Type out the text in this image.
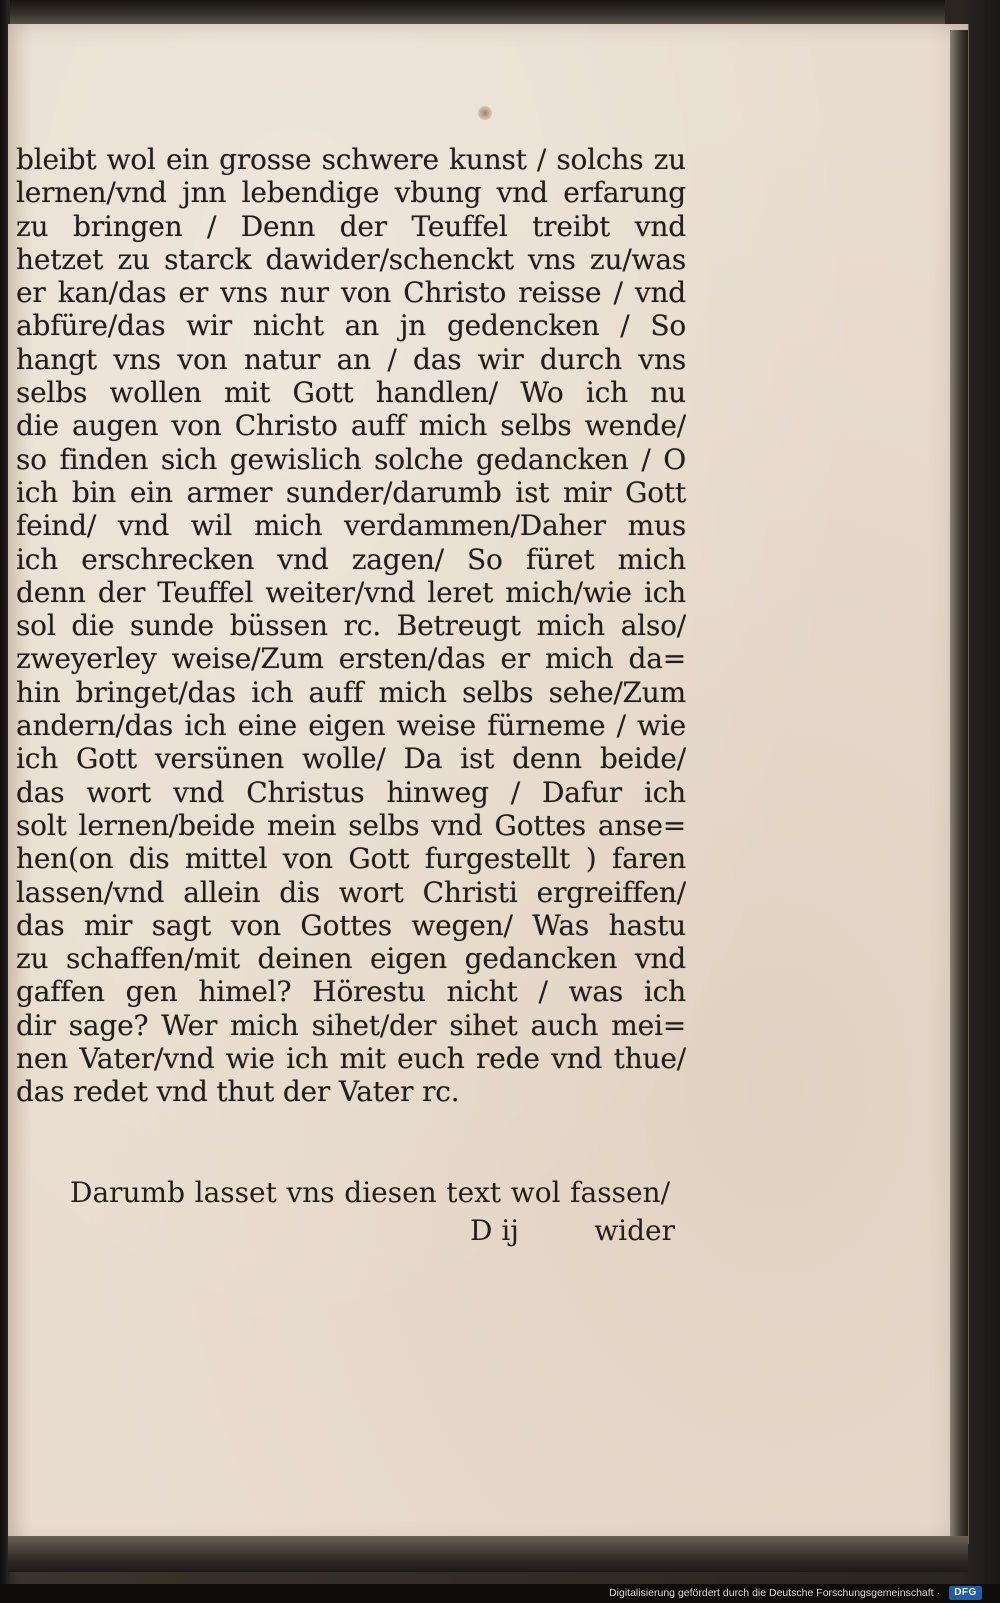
bleibt wol ein grosse schwere kunst / solchs zu
lernen/vnd jnn lebendige vbung vnd erfarung
zu bringen / Denn der Teuffel treibt vnd
hetzet zu starck dawider/schenckt vns zu/was
er kan/das er vns nur von Christo reisse / vnd
abfüre/das wir nicht an jn gedencken / So
hangt vns von natur an / das wir durch vns
selbs wollen mit Gott handlen/ Wo ich nu
die augen von Christo auff mich selbs wende/
so finden sich gewislich solche gedancken / O
ich bin ein armer sunder/darumb ist mir Gott
feind/ vnd wil mich verdammen/Daher mus
ich erschrecken vnd zagen/ So füret mich
denn der Teuffel weiter/vnd leret mich/wie ich
sol die sunde büssen rc. Betreugt mich also/
zweyerley weise/Zum ersten/das er mich da=
hin bringet/das ich auff mich selbs sehe/Zum
andern/das ich eine eigen weise fürneme / wie
ich Gott versünen wolle/ Da ist denn beide/
das wort vnd Christus hinweg / Dafur ich
solt lernen/beide mein selbs vnd Gottes anse=
hen(on dis mittel von Gott furgestellt ) faren
lassen/vnd allein dis wort Christi ergreiffen/
das mir sagt von Gottes wegen/ Was hastu
zu schaffen/mit deinen eigen gedancken vnd
gaffen gen himel? Hörestu nicht / was ich
dir sage? Wer mich sihet/der sihet auch mei=
nen Vater/vnd wie ich mit euch rede vnd thue/
das redet vnd thut der Vater rc.
Darumb lasset vns diesen text wol fassen/
D ij	wider
Digitalisierung gefördert durch die Deutsche Forschungsgemeinschaft ·	DFG
